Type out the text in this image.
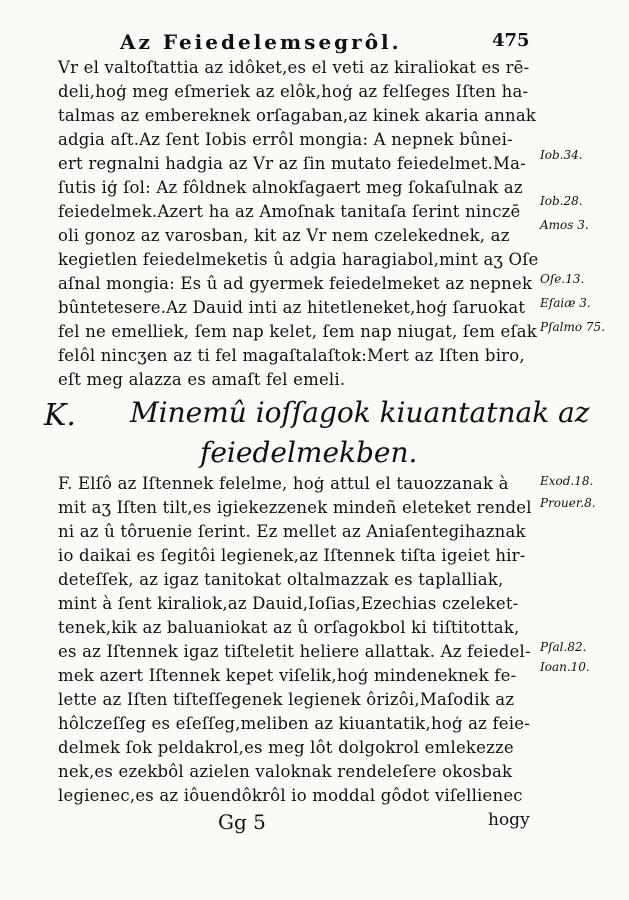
Az Feiedelemsegrôl.	475
Vr el valtoſtattia az idôket,es el veti az kiraliokat es rē-
deli,hoģ meg eſmeriek az elôk,hoģ az felſeges Iſten ha-
talmas az embereknek orſagaban,az kinek akaria annak
adgia aſt.Az ſent Iobis errôl mongia: A nepnek bûnei-
ert regnalni hadgia az Vr az ſin mutato feiedelmet.Ma-
ſutis iģ ſol: Az fôldnek alnokſagaert meg ſokaſulnak az
feiedelmek.Azert ha az Amoſnak tanitaſa ſerint ninczē
oli gonoz az varosban, kit az Vr nem czelekednek, az
kegietlen feiedelmeketis û adgia haragiabol,mint aʒ Oſe
aſnal mongia: Es û ad gyermek feiedelmeket az nepnek
bûntetesere.Az Dauid inti az hitetleneket,hoģ ſaruokat
fel ne emelliek, ſem nap kelet, ſem nap niugat, ſem eſak
felôl nincʒen az ti fel magaſtalaſtok:Mert az Iſten biro,
eſt meg alazza es amaſt fel emeli.
K. Minemû ioſſagok kiuantatnak az
feiedelmekben.
F. Elſô az Iſtennek felelme, hoģ attul el tauozzanak à
mit aʒ Iſten tilt,es igiekezzenek mindeñ eleteket rendel
ni az û tôruenie ſerint. Ez mellet az Aniaſentegihaznak
io daikai es ſegitôi legienek,az Iſtennek tiſta igeiet hir-
deteſſek, az igaz tanitokat oltalmazzak es taplalliak,
mint à ſent kiraliok,az Dauid,Ioſias,Ezechias czeleket-
tenek,kik az baluaniokat az û orſagokbol ki tiſtitottak,
es az Iſtennek igaz tiſteletit heliere allattak. Az feiedel-
mek azert Iſtennek kepet viſelik,hoģ mindeneknek fe-
lette az Iſten tiſteſſegenek legienek ôrizôi,Maſodik az
hôlczeſſeg es eſeſſeg,meliben az kiuantatik,hoģ az feie-
delmek ſok peldakrol,es meg lôt dolgokrol emlekezze
nek,es ezekbôl azielen valoknak rendeleſere okosbak
legienec,es az iôuendôkrôl io moddal gôdot viſellienec
Iob.34.
Iob.28.
Amos 3.
Oſe.13.
Eſaiæ 3.
Pſalmo 75.
Exod.18.
Prouer.8.
Pſal.82.
Ioan.10.
Gg 5	hogy
